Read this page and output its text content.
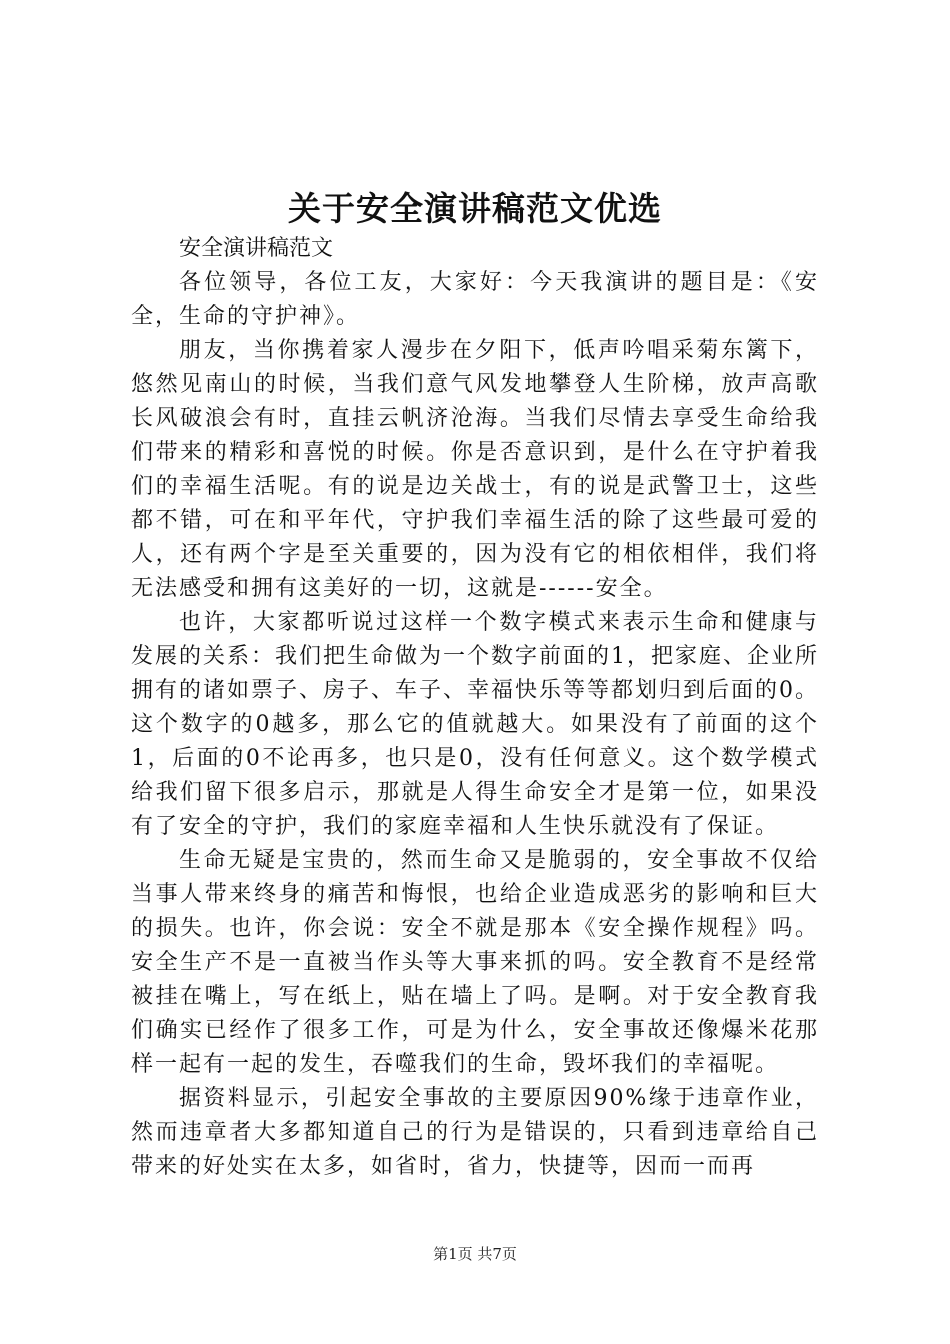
关于安全演讲稿范文优选

安全演讲稿范文

各位领导，各位工友，大家好：今天我演讲的题目是：《安全，生命的守护神》。

朋友，当你携着家人漫步在夕阳下，低声吟唱采菊东篱下，悠然见南山的时候，当我们意气风发地攀登人生阶梯，放声高歌长风破浪会有时，直挂云帆济沧海。当我们尽情去享受生命给我们带来的精彩和喜悦的时候。你是否意识到，是什么在守护着我们的幸福生活呢。有的说是边关战士，有的说是武警卫士，这些都不错，可在和平年代，守护我们幸福生活的除了这些最可爱的人，还有两个字是至关重要的，因为没有它的相依相伴，我们将无法感受和拥有这美好的一切，这就是------安全。

也许，大家都听说过这样一个数字模式来表示生命和健康与发展的关系：我们把生命做为一个数字前面的1，把家庭、企业所拥有的诸如票子、房子、车子、幸福快乐等等都划归到后面的0。这个数字的0越多，那么它的值就越大。如果没有了前面的这个1，后面的0不论再多，也只是0，没有任何意义。这个数学模式给我们留下很多启示，那就是人得生命安全才是第一位，如果没有了安全的守护，我们的家庭幸福和人生快乐就没有了保证。

生命无疑是宝贵的，然而生命又是脆弱的，安全事故不仅给当事人带来终身的痛苦和悔恨，也给企业造成恶劣的影响和巨大的损失。也许，你会说：安全不就是那本《安全操作规程》吗。安全生产不是一直被当作头等大事来抓的吗。安全教育不是经常被挂在嘴上，写在纸上，贴在墙上了吗。是啊。对于安全教育我们确实已经作了很多工作，可是为什么，安全事故还像爆米花那样一起有一起的发生，吞噬我们的生命，毁坏我们的幸福呢。

据资料显示，引起安全事故的主要原因90%缘于违章作业，然而违章者大多都知道自己的行为是错误的，只看到违章给自己带来的好处实在太多，如省时，省力，快捷等，因而一而再

第1页 共7页
